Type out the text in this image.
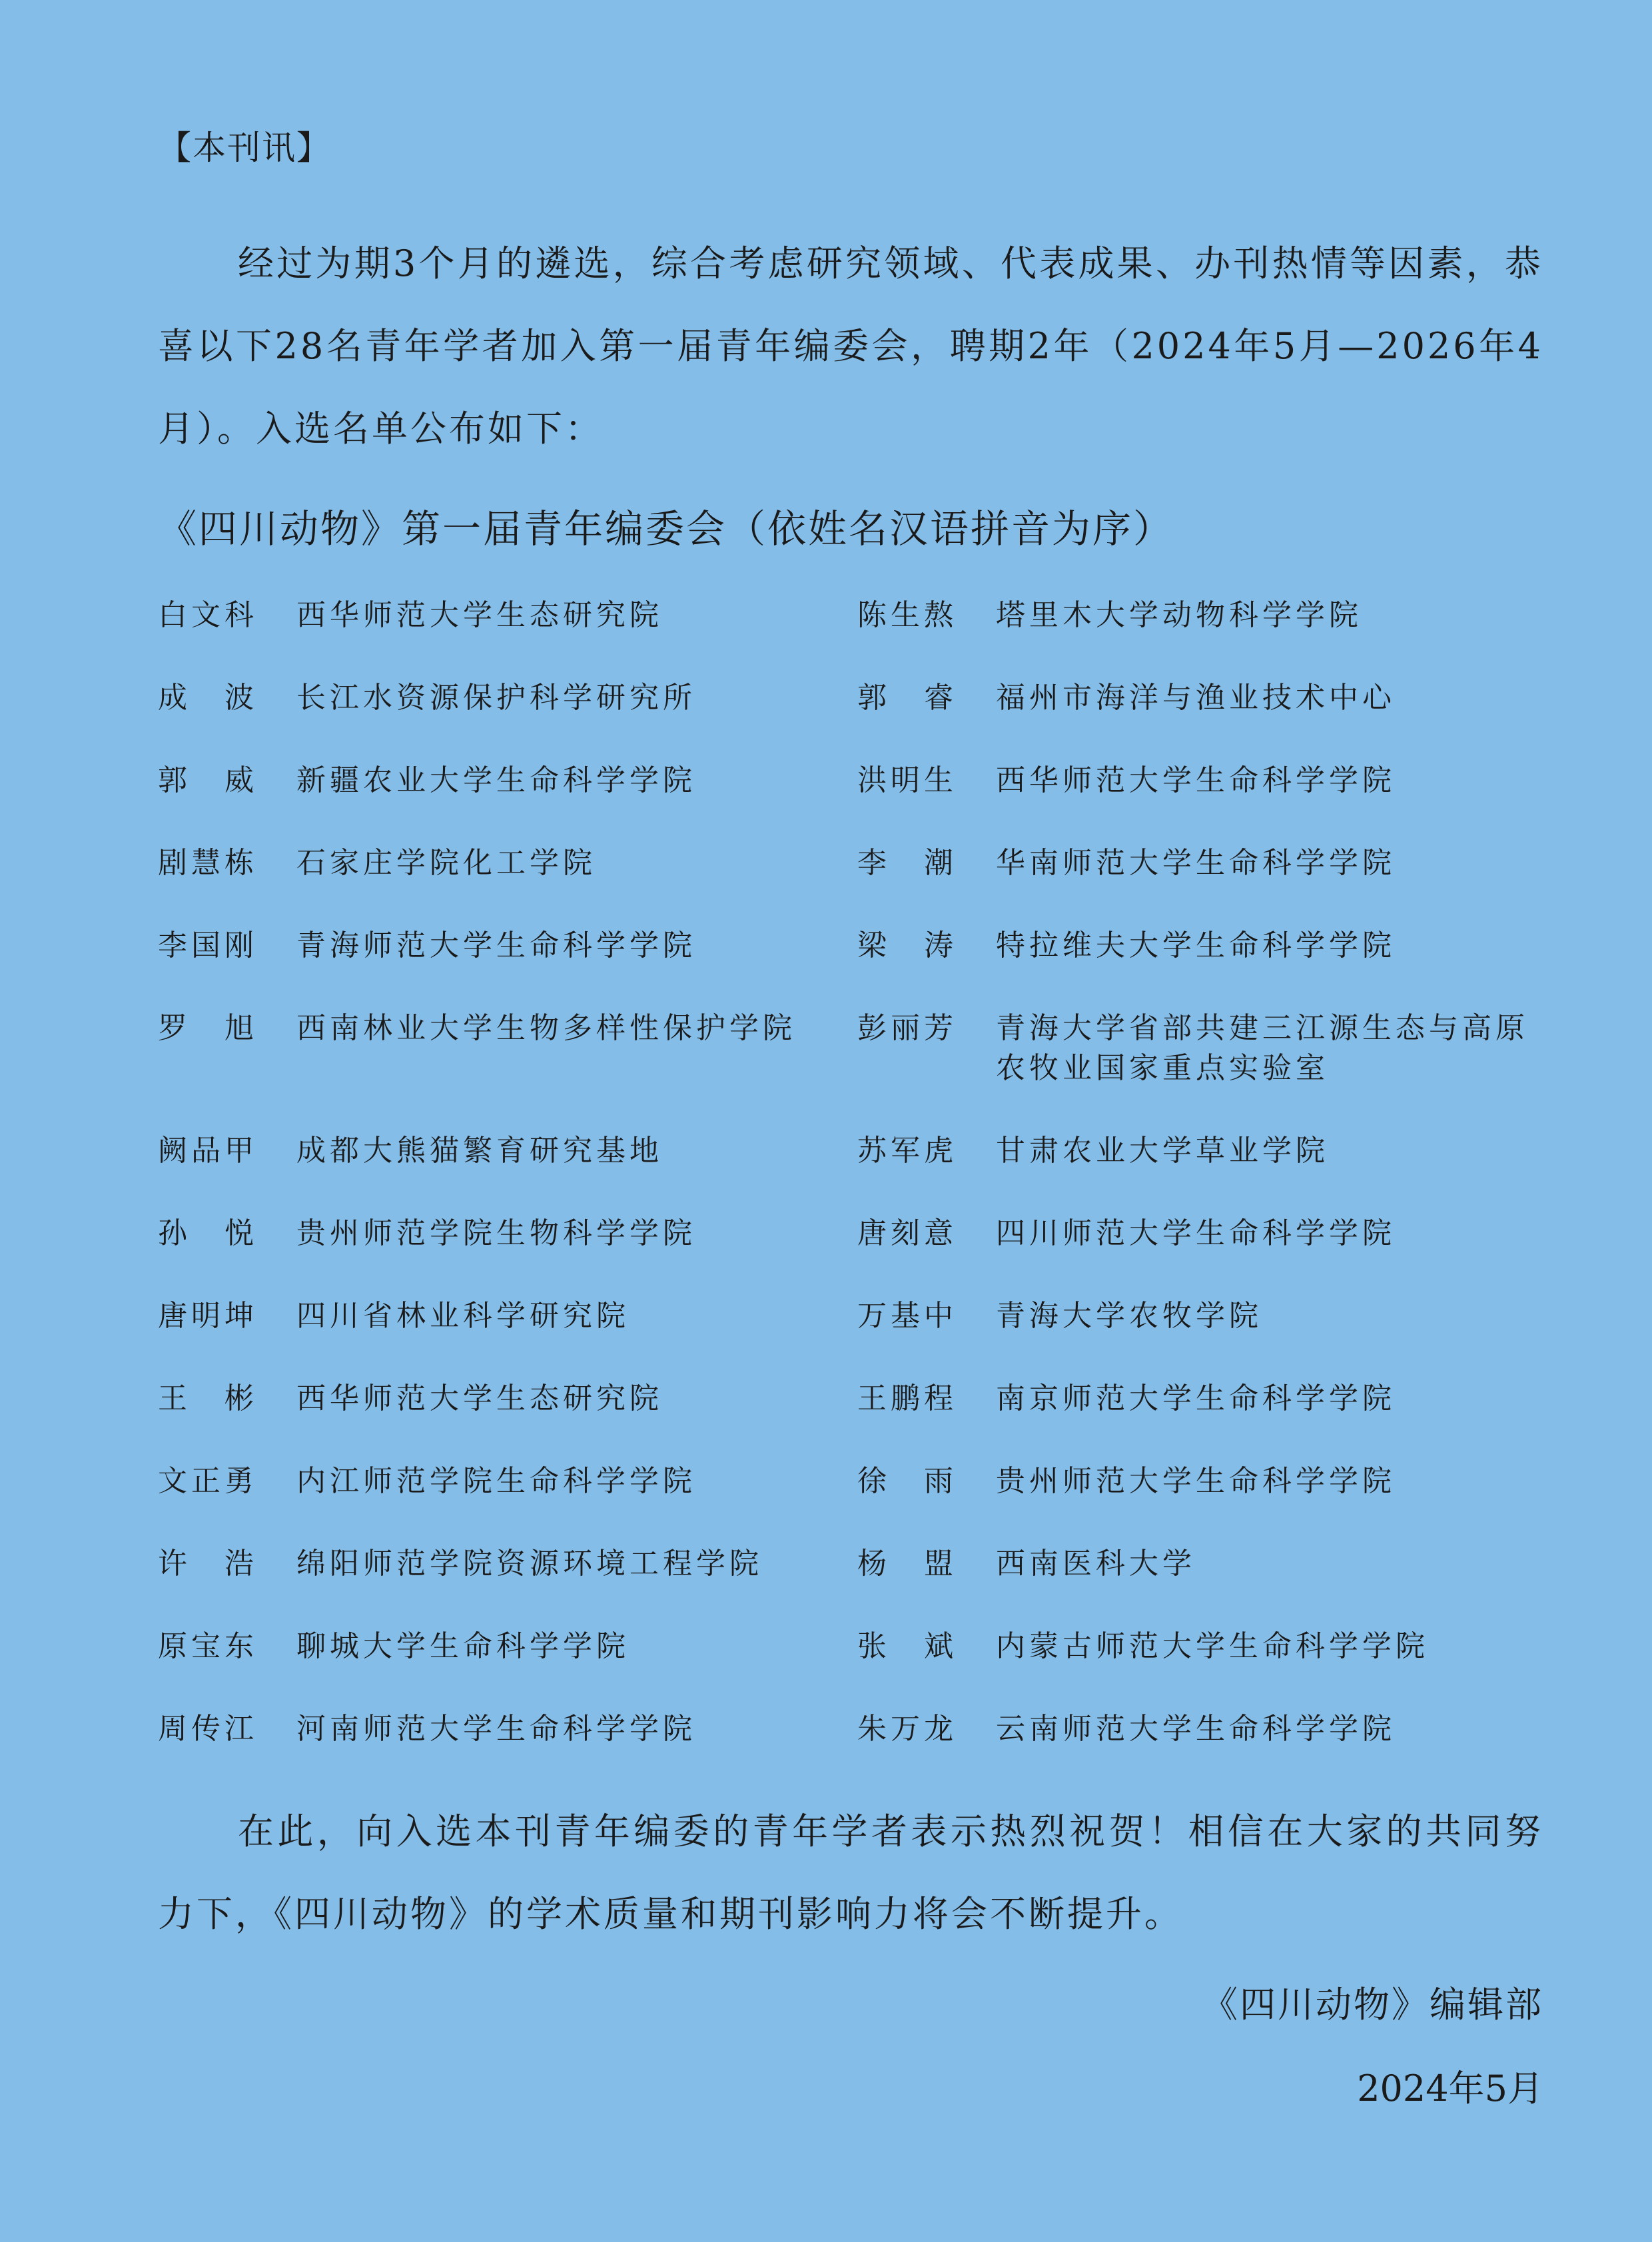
【本刊讯】

经过为期3个月的遴选，综合考虑研究领域、代表成果、办刊热情等因素，恭喜以下28名青年学者加入第一届青年编委会，聘期2年（2024年5月—2026年4月）。入选名单公布如下：

《四川动物》第一届青年编委会（依姓名汉语拼音为序）
白文科	西华师范大学生态研究院	陈生熬	塔里木大学动物科学学院
成　波	长江水资源保护科学研究所	郭　睿	福州市海洋与渔业技术中心
郭　威	新疆农业大学生命科学学院	洪明生	西华师范大学生命科学学院
剧慧栋	石家庄学院化工学院	李　潮	华南师范大学生命科学学院
李国刚	青海师范大学生命科学学院	梁　涛	特拉维夫大学生命科学学院
罗　旭	西南林业大学生物多样性保护学院	彭丽芳	青海大学省部共建三江源生态与高原农牧业国家重点实验室
阙品甲	成都大熊猫繁育研究基地	苏军虎	甘肃农业大学草业学院
孙　悦	贵州师范学院生物科学学院	唐刻意	四川师范大学生命科学学院
唐明坤	四川省林业科学研究院	万基中	青海大学农牧学院
王　彬	西华师范大学生态研究院	王鹏程	南京师范大学生命科学学院
文正勇	内江师范学院生命科学学院	徐　雨	贵州师范大学生命科学学院
许　浩	绵阳师范学院资源环境工程学院	杨　盟	西南医科大学
原宝东	聊城大学生命科学学院	张　斌	内蒙古师范大学生命科学学院
周传江	河南师范大学生命科学学院	朱万龙	云南师范大学生命科学学院

在此，向入选本刊青年编委的青年学者表示热烈祝贺！相信在大家的共同努力下，《四川动物》的学术质量和期刊影响力将会不断提升。

《四川动物》编辑部
2024年5月
